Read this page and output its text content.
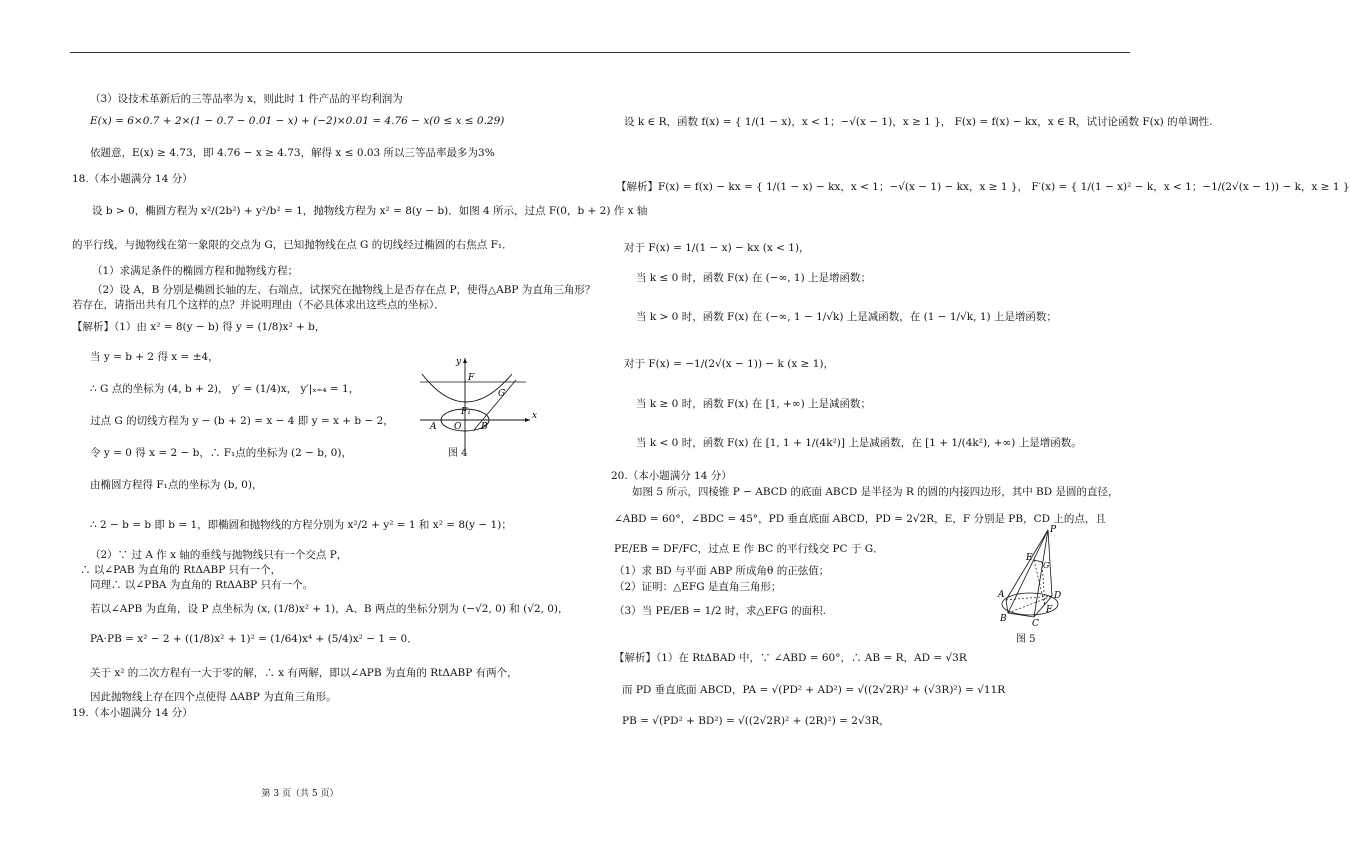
（3）设技术革新后的三等品率为 x，则此时 1 件产品的平均利润为
E(x) = 6×0.7 + 2×(1 − 0.7 − 0.01 − x) + (−2)×0.01 = 4.76 − x(0 ≤ x ≤ 0.29)
依题意，E(x) ≥ 4.73，即 4.76 − x ≥ 4.73，解得 x ≤ 0.03 所以三等品率最多为3%
18.（本小题满分 14 分）
设 b > 0，椭圆方程为 x²/(2b²) + y²/b² = 1，抛物线方程为 x² = 8(y − b)．如图 4 所示，过点 F(0，b + 2) 作 x 轴
的平行线，与抛物线在第一象限的交点为 G，已知抛物线在点 G 的切线经过椭圆的右焦点 F₁．
（1）求满足条件的椭圆方程和抛物线方程；
（2）设 A，B 分别是椭圆长轴的左、右端点，试探究在抛物线上是否存在点 P，使得△ABP 为直角三角形？
若存在，请指出共有几个这样的点？并说明理由（不必具体求出这些点的坐标）．
【解析】（1）由 x² = 8(y − b) 得 y = (1/8)x² + b，
当 y = b + 2 得 x = ±4，
∴ G 点的坐标为 (4, b + 2)， y′ = (1/4)x， y′|ₓ₌₄ = 1，
过点 G 的切线方程为 y − (b + 2) = x − 4 即 y = x + b − 2，
令 y = 0 得 x = 2 − b，∴ F₁点的坐标为 (2 − b, 0)，
由椭圆方程得 F₁点的坐标为 (b, 0)，
∴ 2 − b = b 即 b = 1，即椭圆和抛物线的方程分别为 x²/2 + y² = 1 和 x² = 8(y − 1)；
（2）∵ 过 A 作 x 轴的垂线与抛物线只有一个交点 P，
∴ 以∠PAB 为直角的 RtΔABP 只有一个，
同理∴ 以∠PBA 为直角的 RtΔABP 只有一个。
若以∠APB 为直角，设 P 点坐标为 (x, (1/8)x² + 1)，A、B 两点的坐标分别为 (−√2, 0) 和 (√2, 0)，
PA·PB = x² − 2 + ((1/8)x² + 1)² = (1/64)x⁴ + (5/4)x² − 1 = 0．
关于 x² 的二次方程有一大于零的解，∴ x 有两解，即以∠APB 为直角的 RtΔABP 有两个，
因此抛物线上存在四个点使得 ΔABP 为直角三角形。
19.（本小题满分 14 分）
y
x
F
G
F₁
A O B
图 4
第 3 页（共 5 页）
设 k ∈ R，函数 f(x) = { 1/(1 − x)，x < 1；−√(x − 1)，x ≥ 1 }， F(x) = f(x) − kx，x ∈ R，试讨论函数 F(x) 的单调性.
【解析】F(x) = f(x) − kx = { 1/(1 − x) − kx，x < 1；−√(x − 1) − kx，x ≥ 1 }， F′(x) = { 1/(1 − x)² − k，x < 1；−1/(2√(x − 1)) − k，x ≥ 1 }
对于 F(x) = 1/(1 − x) − kx (x < 1)，
当 k ≤ 0 时，函数 F(x) 在 (−∞, 1) 上是增函数；
当 k > 0 时，函数 F(x) 在 (−∞, 1 − 1/√k) 上是减函数，在 (1 − 1/√k, 1) 上是增函数；
对于 F(x) = −1/(2√(x − 1)) − k (x ≥ 1)，
当 k ≥ 0 时，函数 F(x) 在 [1, +∞) 上是减函数；
当 k < 0 时，函数 F(x) 在 [1, 1 + 1/(4k²)] 上是减函数，在 [1 + 1/(4k²), +∞) 上是增函数。
20.（本小题满分 14 分）
如图 5 所示，四棱锥 P − ABCD 的底面 ABCD 是半径为 R 的圆的内接四边形，其中 BD 是圆的直径，
∠ABD = 60°，∠BDC = 45°，PD 垂直底面 ABCD，PD = 2√2R，E，F 分别是 PB，CD 上的点，且
PE/EB = DF/FC，过点 E 作 BC 的平行线交 PC 于 G．
（1）求 BD 与平面 ABP 所成角θ 的正弦值；
（2）证明：△EFG 是直角三角形；
（3）当 PE/EB = 1/2 时，求△EFG 的面积.
【解析】（1）在 RtΔBAD 中，∵ ∠ABD = 60°，∴ AB = R，AD = √3R
而 PD 垂直底面 ABCD，PA = √(PD² + AD²) = √((2√2R)² + (√3R)²) = √11R
PB = √(PD² + BD²) = √((2√2R)² + (2R)²) = 2√3R，
P
E
G
D
A
F
B	C
图 5
